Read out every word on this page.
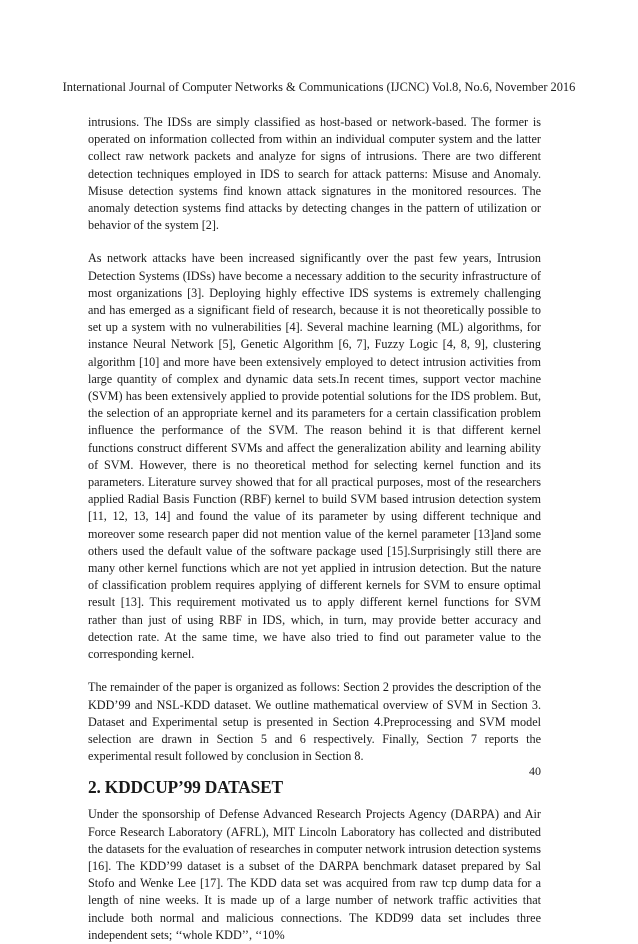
International Journal of Computer Networks & Communications (IJCNC) Vol.8, No.6, November 2016

intrusions. The IDSs are simply classified as host-based or network-based. The former is operated on information collected from within an individual computer system and the latter collect raw network packets and analyze for signs of intrusions. There are two different detection techniques employed in IDS to search for attack patterns: Misuse and Anomaly. Misuse detection systems find known attack signatures in the monitored resources. The anomaly detection systems find attacks by detecting changes in the pattern of utilization or behavior of the system [2].

As network attacks have been increased significantly over the past few years, Intrusion Detection Systems (IDSs) have become a necessary addition to the security infrastructure of most organizations [3]. Deploying highly effective IDS systems is extremely challenging and has emerged as a significant field of research, because it is not theoretically possible to set up a system with no vulnerabilities [4]. Several machine learning (ML) algorithms, for instance Neural Network [5], Genetic Algorithm [6, 7], Fuzzy Logic [4, 8, 9], clustering algorithm [10] and more have been extensively employed to detect intrusion activities from large quantity of complex and dynamic data sets.In recent times, support vector machine (SVM) has been extensively applied to provide potential solutions for the IDS problem. But, the selection of an appropriate kernel and its parameters for a certain classification problem influence the performance of the SVM. The reason behind it is that different kernel functions construct different SVMs and affect the generalization ability and learning ability of SVM. However, there is no theoretical method for selecting kernel function and its parameters. Literature survey showed that for all practical purposes, most of the researchers applied Radial Basis Function (RBF) kernel to build SVM based intrusion detection system [11, 12, 13, 14] and found the value of its parameter by using different technique and moreover some research paper did not mention value of the kernel parameter [13]and some others used the default value of the software package used [15].Surprisingly still there are many other kernel functions which are not yet applied in intrusion detection. But the nature of classification problem requires applying of different kernels for SVM to ensure optimal result [13]. This requirement motivated us to apply different kernel functions for SVM rather than just of using RBF in IDS, which, in turn, may provide better accuracy and detection rate. At the same time, we have also tried to find out parameter value to the corresponding kernel.

The remainder of the paper is organized as follows: Section 2 provides the description of the KDD’99 and NSL-KDD dataset. We outline mathematical overview of SVM in Section 3. Dataset and Experimental setup is presented in Section 4.Preprocessing and SVM model selection are drawn in Section 5 and 6 respectively. Finally, Section 7 reports the experimental result followed by conclusion in Section 8.

2. KDDCUP’99 DATASET

Under the sponsorship of Defense Advanced Research Projects Agency (DARPA) and Air Force Research Laboratory (AFRL), MIT Lincoln Laboratory has collected and distributed the datasets for the evaluation of researches in computer network intrusion detection systems [16]. The KDD’99 dataset is a subset of the DARPA benchmark dataset prepared by Sal Stofo and Wenke Lee [17]. The KDD data set was acquired from raw tcp dump data for a length of nine weeks. It is made up of a large number of network traffic activities that include both normal and malicious connections. The KDD99 data set includes three independent sets; ‘‘whole KDD’’, ‘‘10%

40
